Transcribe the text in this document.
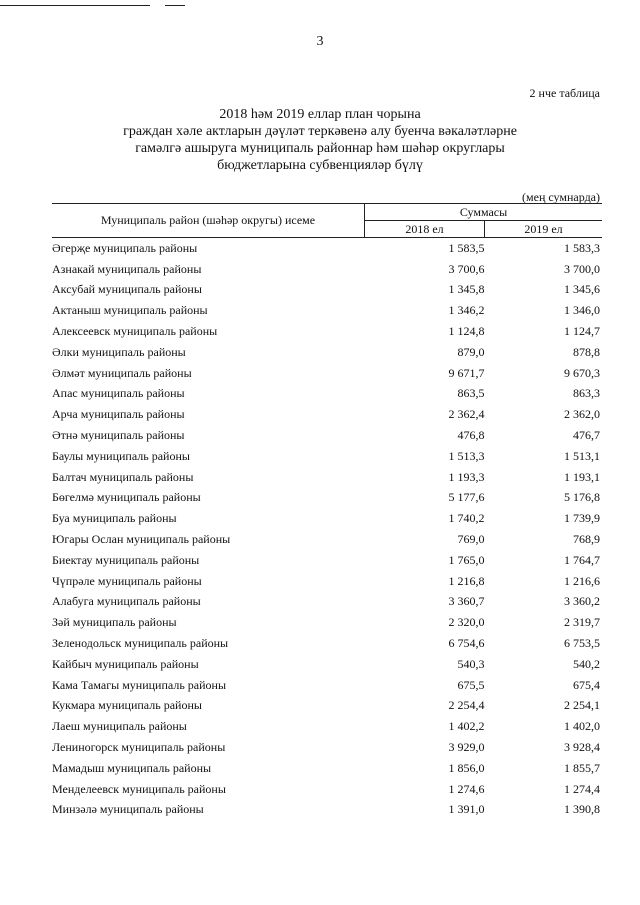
3
2 нче таблица
2018 һәм 2019 еллар план чорына
граждан хәле актларын дәүләт теркәвенә алу буенча вәкаләтләрне
гамәлгә ашыруга муниципаль районнар һәм шәһәр округлары
бюджетларына субвенцияләр бүлү
(мең сумнарда)
Муниципаль район (шәһәр округы) исеме	Суммасы	
	2018 ел	2019 ел
Әгерҗе муниципаль районы	1 583,5	1 583,3
Азнакай муниципаль районы	3 700,6	3 700,0
Аксубай муниципаль районы	1 345,8	1 345,6
Актаныш муниципаль районы	1 346,2	1 346,0
Алексеевск муниципаль районы	1 124,8	1 124,7
Әлки муниципаль районы	879,0	878,8
Әлмәт муниципаль районы	9 671,7	9 670,3
Апас муниципаль районы	863,5	863,3
Арча муниципаль районы	2 362,4	2 362,0
Әтнә муниципаль районы	476,8	476,7
Баулы муниципаль районы	1 513,3	1 513,1
Балтач муниципаль районы	1 193,3	1 193,1
Бөгелмә муниципаль районы	5 177,6	5 176,8
Буа муниципаль районы	1 740,2	1 739,9
Югары Ослан муниципаль районы	769,0	768,9
Биектау муниципаль районы	1 765,0	1 764,7
Чүпрәле муниципаль районы	1 216,8	1 216,6
Алабуга муниципаль районы	3 360,7	3 360,2
Зәй муниципаль районы	2 320,0	2 319,7
Зеленодольск муниципаль районы	6 754,6	6 753,5
Кайбыч муниципаль районы	540,3	540,2
Кама Тамагы муниципаль районы	675,5	675,4
Кукмара муниципаль районы	2 254,4	2 254,1
Лаеш муниципаль районы	1 402,2	1 402,0
Лениногорск муниципаль районы	3 929,0	3 928,4
Мамадыш муниципаль районы	1 856,0	1 855,7
Менделеевск муниципаль районы	1 274,6	1 274,4
Минзәлә муниципаль районы	1 391,0	1 390,8
